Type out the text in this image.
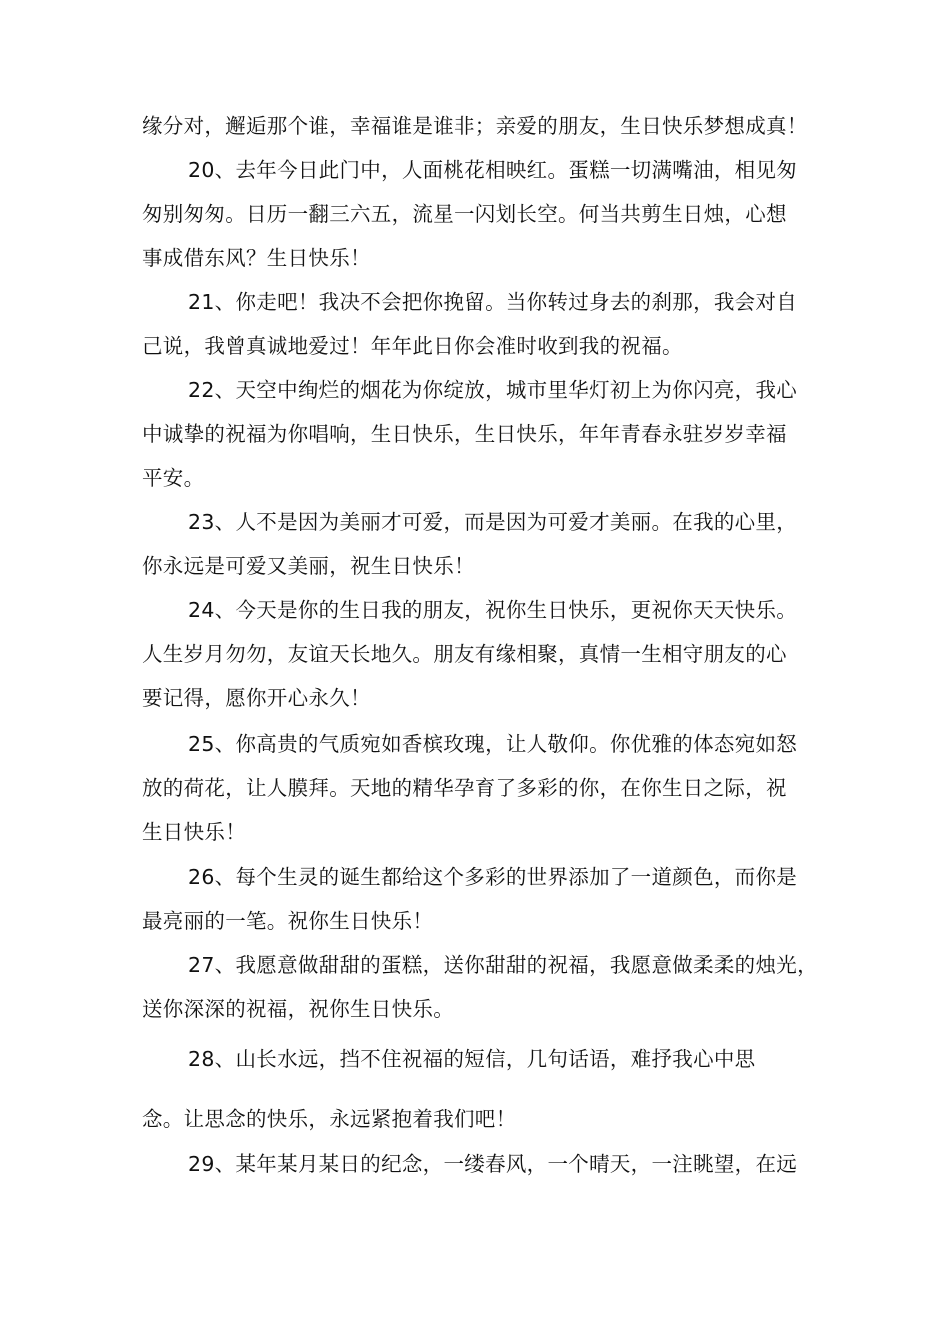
缘分对，邂逅那个谁，幸福谁是谁非；亲爱的朋友，生日快乐梦想成真！
20、去年今日此门中，人面桃花相映红。蛋糕一切满嘴油，相见匆
匆别匆匆。日历一翻三六五，流星一闪划长空。何当共剪生日烛，心想
事成借东风？生日快乐！
21、你走吧！我决不会把你挽留。当你转过身去的刹那，我会对自
己说，我曾真诚地爱过！年年此日你会准时收到我的祝福。
22、天空中绚烂的烟花为你绽放，城市里华灯初上为你闪亮，我心
中诚挚的祝福为你唱响，生日快乐，生日快乐，年年青春永驻岁岁幸福
平安。
23、人不是因为美丽才可爱，而是因为可爱才美丽。在我的心里，
你永远是可爱又美丽，祝生日快乐！
24、今天是你的生日我的朋友，祝你生日快乐，更祝你天天快乐。
人生岁月勿勿，友谊天长地久。朋友有缘相聚，真情一生相守朋友的心
要记得，愿你开心永久！
25、你高贵的气质宛如香槟玫瑰，让人敬仰。你优雅的体态宛如怒
放的荷花，让人膜拜。天地的精华孕育了多彩的你，在你生日之际，祝
生日快乐！
26、每个生灵的诞生都给这个多彩的世界添加了一道颜色，而你是
最亮丽的一笔。祝你生日快乐！
27、我愿意做甜甜的蛋糕，送你甜甜的祝福，我愿意做柔柔的烛光，
送你深深的祝福，祝你生日快乐。
28、山长水远，挡不住祝福的短信，几句话语，难抒我心中思
念。让思念的快乐，永远紧抱着我们吧！
29、某年某月某日的纪念，一缕春风，一个晴天，一注眺望，在远
